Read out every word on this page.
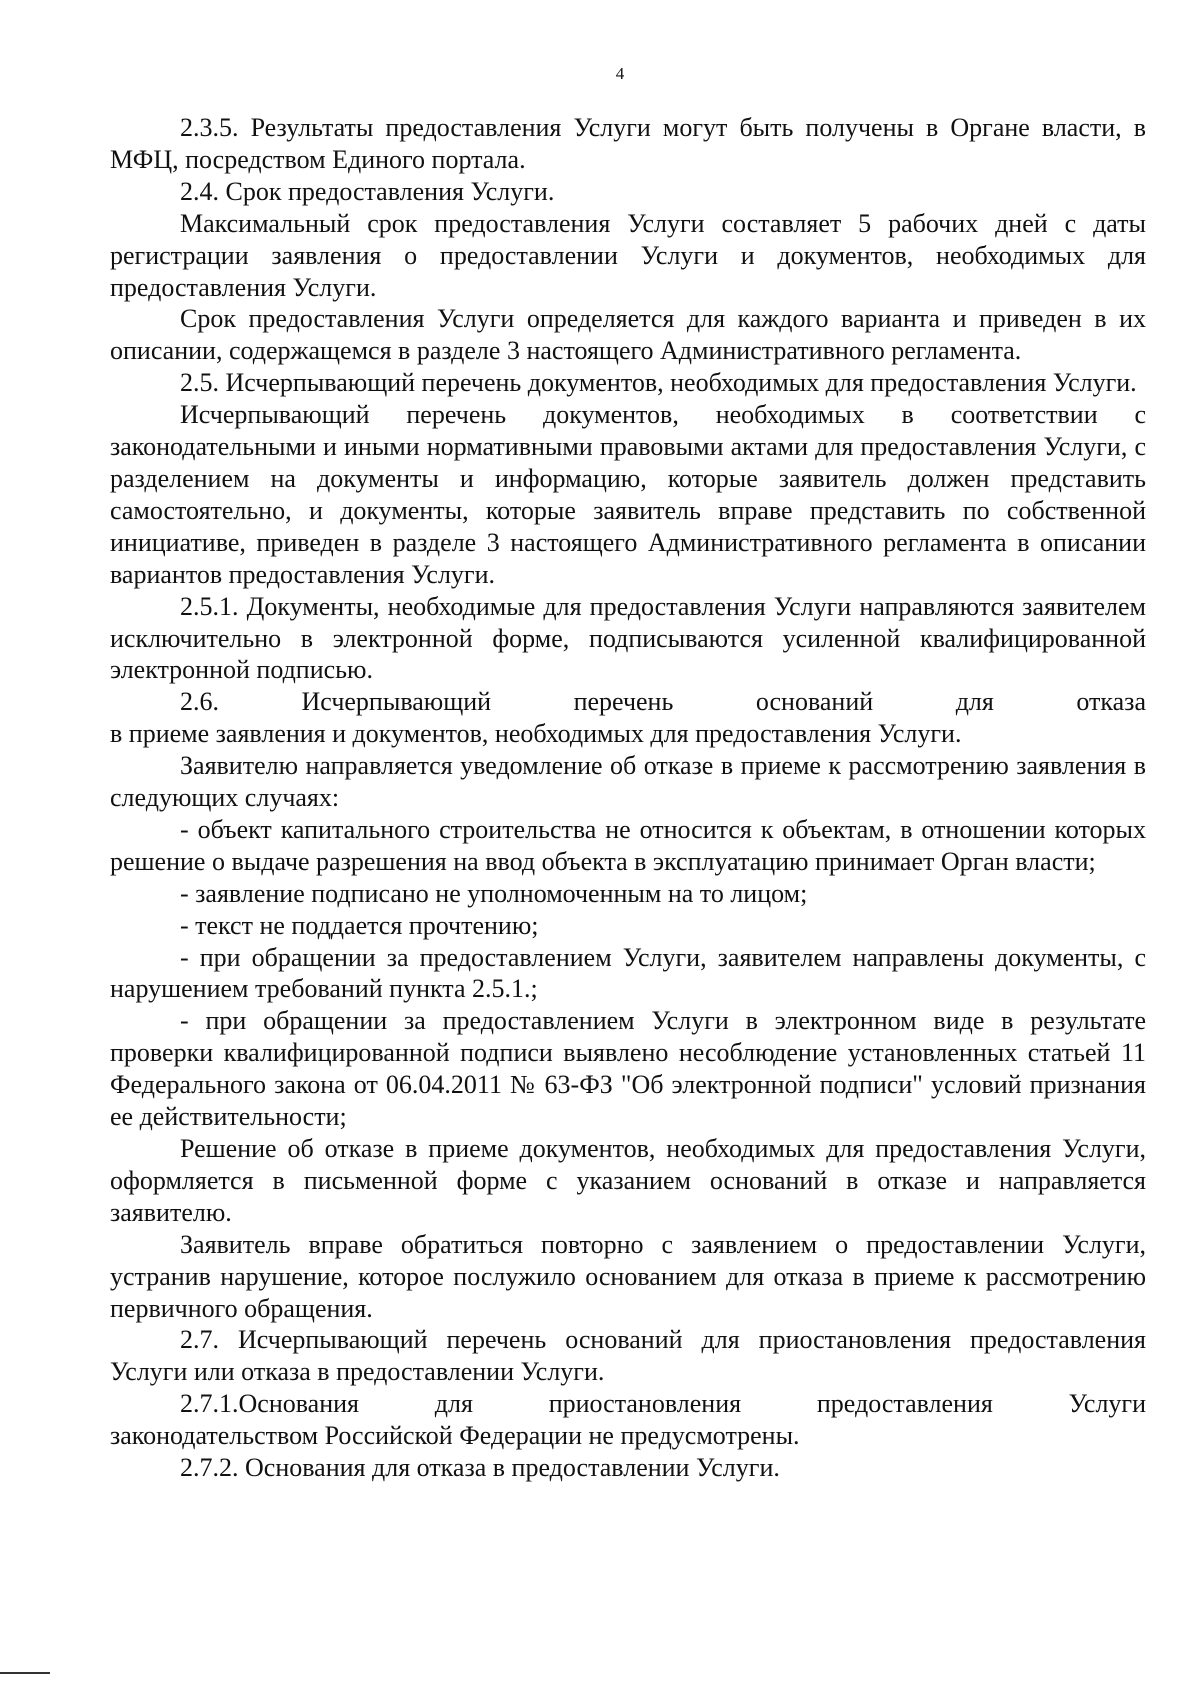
4

2.3.5. Результаты предоставления Услуги могут быть получены в Органе власти, в МФЦ, посредством Единого портала.

2.4. Срок предоставления Услуги.

Максимальный срок предоставления Услуги составляет 5 рабочих дней с даты регистрации заявления о предоставлении Услуги и документов, необходимых для предоставления Услуги.

Срок предоставления Услуги определяется для каждого варианта и приведен в их описании, содержащемся в разделе 3 настоящего Административного регламента.

2.5. Исчерпывающий перечень документов, необходимых для предоставления Услуги.

Исчерпывающий перечень документов, необходимых в соответствии с законодательными и иными нормативными правовыми актами для предоставления Услуги, с разделением на документы и информацию, которые заявитель должен представить самостоятельно, и документы, которые заявитель вправе представить по собственной инициативе, приведен в разделе 3 настоящего Административного регламента в описании вариантов предоставления Услуги.

2.5.1. Документы, необходимые для предоставления Услуги направляются заявителем исключительно в электронной форме, подписываются усиленной квалифицированной электронной подписью.

2.6. Исчерпывающий перечень оснований для отказа

в приеме заявления и документов, необходимых для предоставления Услуги.

Заявителю направляется уведомление об отказе в приеме к рассмотрению заявления в следующих случаях:

- объект капитального строительства не относится к объектам, в отношении которых решение о выдаче разрешения на ввод объекта в эксплуатацию принимает Орган власти;

- заявление подписано не уполномоченным на то лицом;

- текст не поддается прочтению;

- при обращении за предоставлением Услуги, заявителем направлены документы, с нарушением требований пункта 2.5.1.;

- при обращении за предоставлением Услуги в электронном виде в результате проверки квалифицированной подписи выявлено несоблюдение установленных статьей 11 Федерального закона от 06.04.2011 № 63-ФЗ "Об электронной подписи" условий признания ее действительности;

Решение об отказе в приеме документов, необходимых для предоставления Услуги, оформляется в письменной форме с указанием оснований в отказе и направляется заявителю.

Заявитель вправе обратиться повторно с заявлением о предоставлении Услуги, устранив нарушение, которое послужило основанием для отказа в приеме к рассмотрению первичного обращения.

2.7. Исчерпывающий перечень оснований для приостановления предоставления Услуги или отказа в предоставлении Услуги.

2.7.1.Основания для приостановления предоставления Услуги

законодательством Российской Федерации не предусмотрены.

2.7.2. Основания для отказа в предоставлении Услуги.
